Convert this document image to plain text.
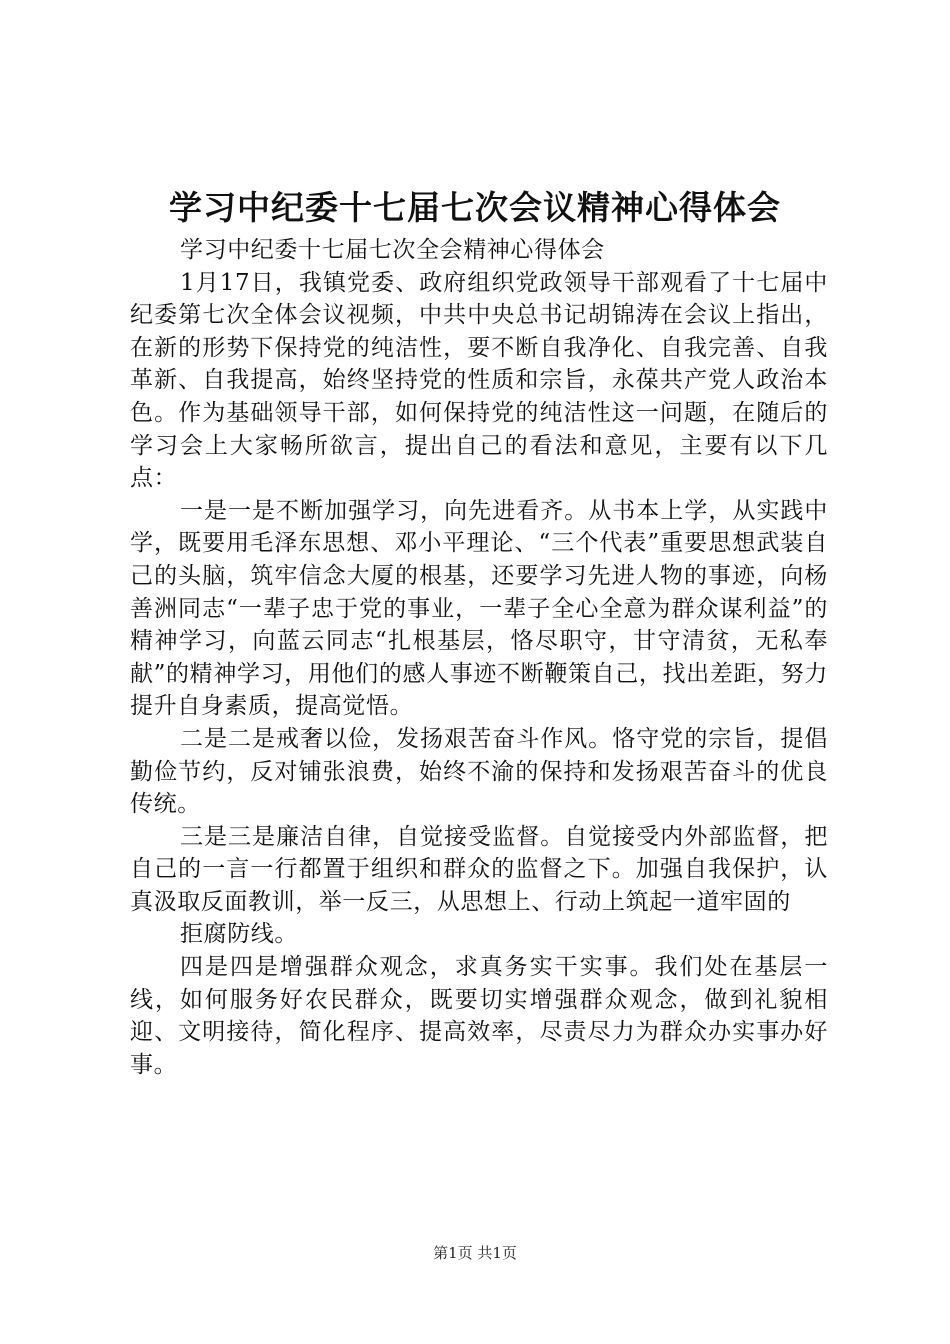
学习中纪委十七届七次会议精神心得体会

学习中纪委十七届七次全会精神心得体会

1月17日，我镇党委、政府组织党政领导干部观看了十七届中纪委第七次全体会议视频，中共中央总书记胡锦涛在会议上指出，在新的形势下保持党的纯洁性，要不断自我净化、自我完善、自我革新、自我提高，始终坚持党的性质和宗旨，永葆共产党人政治本色。作为基础领导干部，如何保持党的纯洁性这一问题，在随后的学习会上大家畅所欲言，提出自己的看法和意见，主要有以下几点：

一是一是不断加强学习，向先进看齐。从书本上学，从实践中学，既要用毛泽东思想、邓小平理论、“三个代表”重要思想武装自己的头脑，筑牢信念大厦的根基，还要学习先进人物的事迹，向杨善洲同志“一辈子忠于党的事业，一辈子全心全意为群众谋利益”的精神学习，向蓝云同志“扎根基层，恪尽职守，甘守清贫，无私奉献”的精神学习，用他们的感人事迹不断鞭策自己，找出差距，努力提升自身素质，提高觉悟。

二是二是戒奢以俭，发扬艰苦奋斗作风。恪守党的宗旨，提倡勤俭节约，反对铺张浪费，始终不渝的保持和发扬艰苦奋斗的优良传统。

三是三是廉洁自律，自觉接受监督。自觉接受内外部监督，把自己的一言一行都置于组织和群众的监督之下。加强自我保护，认真汲取反面教训，举一反三，从思想上、行动上筑起一道牢固的

拒腐防线。

四是四是增强群众观念，求真务实干实事。我们处在基层一线，如何服务好农民群众，既要切实增强群众观念，做到礼貌相迎、文明接待，简化程序、提高效率，尽责尽力为群众办实事办好事。

第1页 共1页
